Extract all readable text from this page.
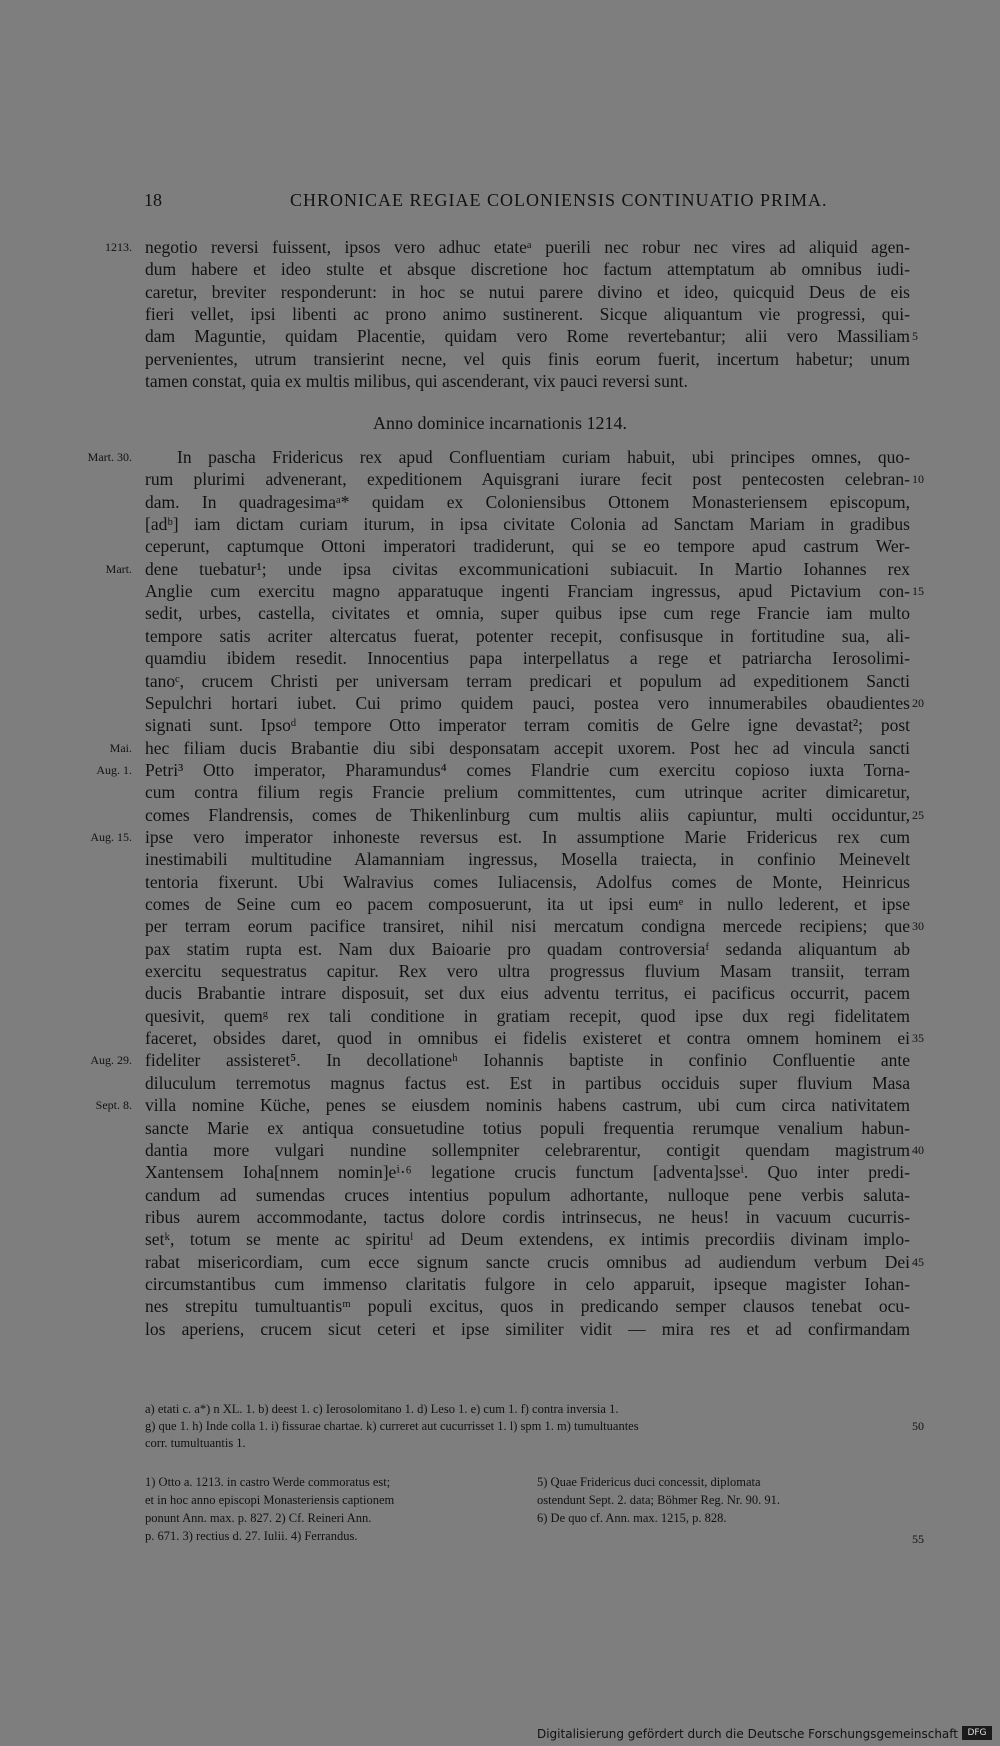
18	CHRONICAE REGIAE COLONIENSIS CONTINUATIO PRIMA.
negotio reversi fuissent, ipsos vero adhuc etateᵃ puerili nec robur nec vires ad aliquid agen-
1213.
dum habere et ideo stulte et absque discretione hoc factum attemptatum ab omnibus iudi-
caretur, breviter responderunt: in hoc se nutui parere divino et ideo, quicquid Deus de eis
fieri vellet, ipsi libenti ac prono animo sustinerent. Sicque aliquantum vie progressi, qui-
dam Maguntie, quidam Placentie, quidam vero Rome revertebantur; alii vero Massiliam 5
pervenientes, utrum transierint necne, vel quis finis eorum fuerit, incertum habetur; unum
tamen constat, quia ex multis milibus, qui ascenderant, vix pauci reversi sunt.
In pascha Fridericus rex apud Confluentiam curiam habuit, ubi principes omnes, quo-
Mart. 30.
rum plurimi advenerant, expeditionem Aquisgrani iurare fecit post pentecosten celebran- 10
dam. In quadragesimaᵃ* quidam ex Coloniensibus Ottonem Monasteriensem episcopum,
[adᵇ] iam dictam curiam iturum, in ipsa civitate Colonia ad Sanctam Mariam in gradibus
ceperunt, captumque Ottoni imperatori tradiderunt, qui se eo tempore apud castrum Wer-
dene tuebatur¹; unde ipsa civitas excommunicationi subiacuit. In Martio Iohannes rex
Mart.
Anglie cum exercitu magno apparatuque ingenti Franciam ingressus, apud Pictavium con- 15
sedit, urbes, castella, civitates et omnia, super quibus ipse cum rege Francie iam multo
tempore satis acriter altercatus fuerat, potenter recepit, confisusque in fortitudine sua, ali-
quamdiu ibidem resedit. Innocentius papa interpellatus a rege et patriarcha Ierosolimi-
tanoᶜ, crucem Christi per universam terram predicari et populum ad expeditionem Sancti
Sepulchri hortari iubet. Cui primo quidem pauci, postea vero innumerabiles obaudientes 20
signati sunt. Ipsoᵈ tempore Otto imperator terram comitis de Gelre igne devastat²; post
hec filiam ducis Brabantie diu sibi desponsatam accepit uxorem. Post hec ad vincula sancti
Mai.
Petri³ Otto imperator, Pharamundus⁴ comes Flandrie cum exercitu copioso iuxta Torna-
Aug. 1.
cum contra filium regis Francie prelium committentes, cum utrinque acriter dimicaretur,
comes Flandrensis, comes de Thikenlinburg cum multis aliis capiuntur, multi occiduntur, 25
ipse vero imperator inhoneste reversus est. In assumptione Marie Fridericus rex cum
Aug. 15.
inestimabili multitudine Alamanniam ingressus, Mosella traiecta, in confinio Meinevelt
tentoria fixerunt. Ubi Walravius comes Iuliacensis, Adolfus comes de Monte, Heinricus
comes de Seine cum eo pacem composuerunt, ita ut ipsi eumᵉ in nullo lederent, et ipse
per terram eorum pacifice transiret, nihil nisi mercatum condigna mercede recipiens; que 30
pax statim rupta est. Nam dux Baioarie pro quadam controversiaᶠ sedanda aliquantum ab
exercitu sequestratus capitur. Rex vero ultra progressus fluvium Masam transiit, terram
ducis Brabantie intrare disposuit, set dux eius adventu territus, ei pacificus occurrit, pacem
quesivit, quemᵍ rex tali conditione in gratiam recepit, quod ipse dux regi fidelitatem
faceret, obsides daret, quod in omnibus ei fidelis existeret et contra omnem hominem ei 35
fideliter assisteret⁵. In decollationeʰ Iohannis baptiste in confinio Confluentie ante
Aug. 29.
diluculum terremotus magnus factus est. Est in partibus occiduis super fluvium Masa
villa nomine Küche, penes se eiusdem nominis habens castrum, ubi cum circa nativitatem
Sept. 8.
sancte Marie ex antiqua consuetudine totius populi frequentia rerumque venalium habun-
dantia more vulgari nundine sollempniter celebrarentur, contigit quendam magistrum 40
Xantensem Ioha[nnem nomin]eⁱ·⁶ legatione crucis functum [adventa]sseⁱ. Quo inter predi-
candum ad sumendas cruces intentius populum adhortante, nulloque pene verbis saluta-
ribus aurem accommodante, tactus dolore cordis intrinsecus, ne heus! in vacuum cucurris-
setᵏ, totum se mente ac spirituˡ ad Deum extendens, ex intimis precordiis divinam implo-
rabat misericordiam, cum ecce signum sancte crucis omnibus ad audiendum verbum Dei 45
circumstantibus cum immenso claritatis fulgore in celo apparuit, ipseque magister Iohan-
nes strepitu tumultuantisᵐ populi excitus, quos in predicando semper clausos tenebat ocu-
los aperiens, crucem sicut ceteri et ipse similiter vidit — mira res et ad confirmandam
Anno dominice incarnationis 1214.
a) etati c. a*) n XL. 1. b) deest 1. c) Ierosolomitano 1. d) Leso 1. e) cum 1. f) contra inversia 1.
g) que 1. h) Inde colla 1. i) fissurae chartae. k) curreret aut cucurrisset 1. l) spm 1. m) tumultuantes	50
corr. tumultuantis 1.
1) Otto a. 1213. in castro Werde commoratus est;
et in hoc anno episcopi Monasteriensis captionem
ponunt Ann. max. p. 827. 2) Cf. Reineri Ann.
p. 671. 3) rectius d. 27. Iulii. 4) Ferrandus.
5) Quae Fridericus duci concessit, diplomata
ostendunt Sept. 2. data; Böhmer Reg. Nr. 90. 91.
6) De quo cf. Ann. max. 1215, p. 828.
55
Digitalisierung gefördert durch die Deutsche Forschungsgemeinschaft	DFG
